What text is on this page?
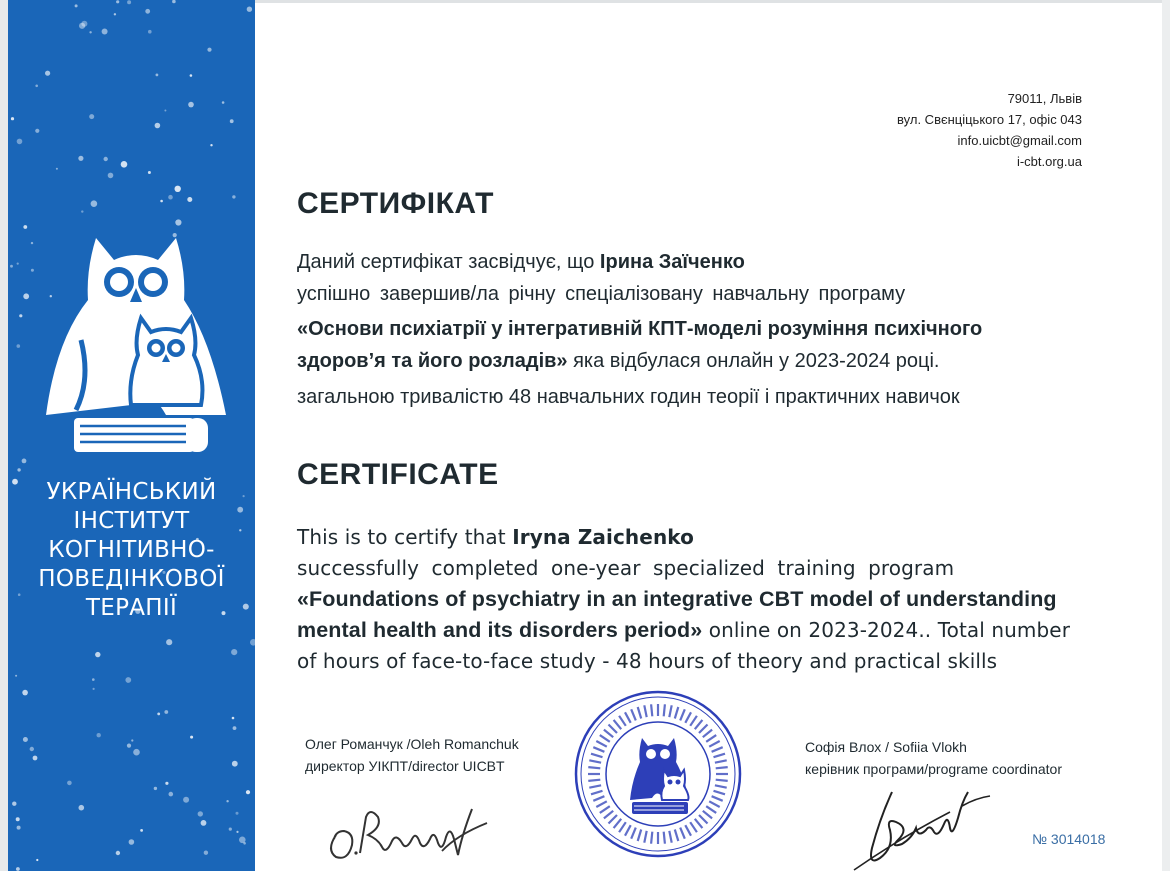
УКРАЇНСЬКИЙ
ІНСТИТУТ
КОГНІТИВНО-
ПОВЕДІНКОВОЇ
ТЕРАПІЇ
79011, Львів
вул. Свєнціцького 17, офіс 043
info.uicbt@gmail.com
i-cbt.org.ua
СЕРТИФІКАТ
Даний сертифікат засвідчує, що Ірина Заїченко
успішно завершив/ла річну спеціалізовану навчальну програму
«Основи психіатрії у інтегративній КПТ-моделі розуміння психічного
здоров’я та його розладів» яка відбулася онлайн у 2023-2024 році.
загальною тривалістю 48 навчальних годин теорії і практичних навичок
CERTIFICATE
This is to certify that Iryna Zaichenko
successfully completed one-year specialized training program
«Foundations of psychiatry in an integrative CBT model of understanding
mental health and its disorders period» online on 2023-2024.. Total number
of hours of face-to-face study - 48 hours of theory and practical skills
Олег Романчук /Oleh Romanchuk
директор УІКПТ/director UICBT
Софія Влох / Sofiia Vlokh
керівник програми/programe coordinator
№ 3014018
